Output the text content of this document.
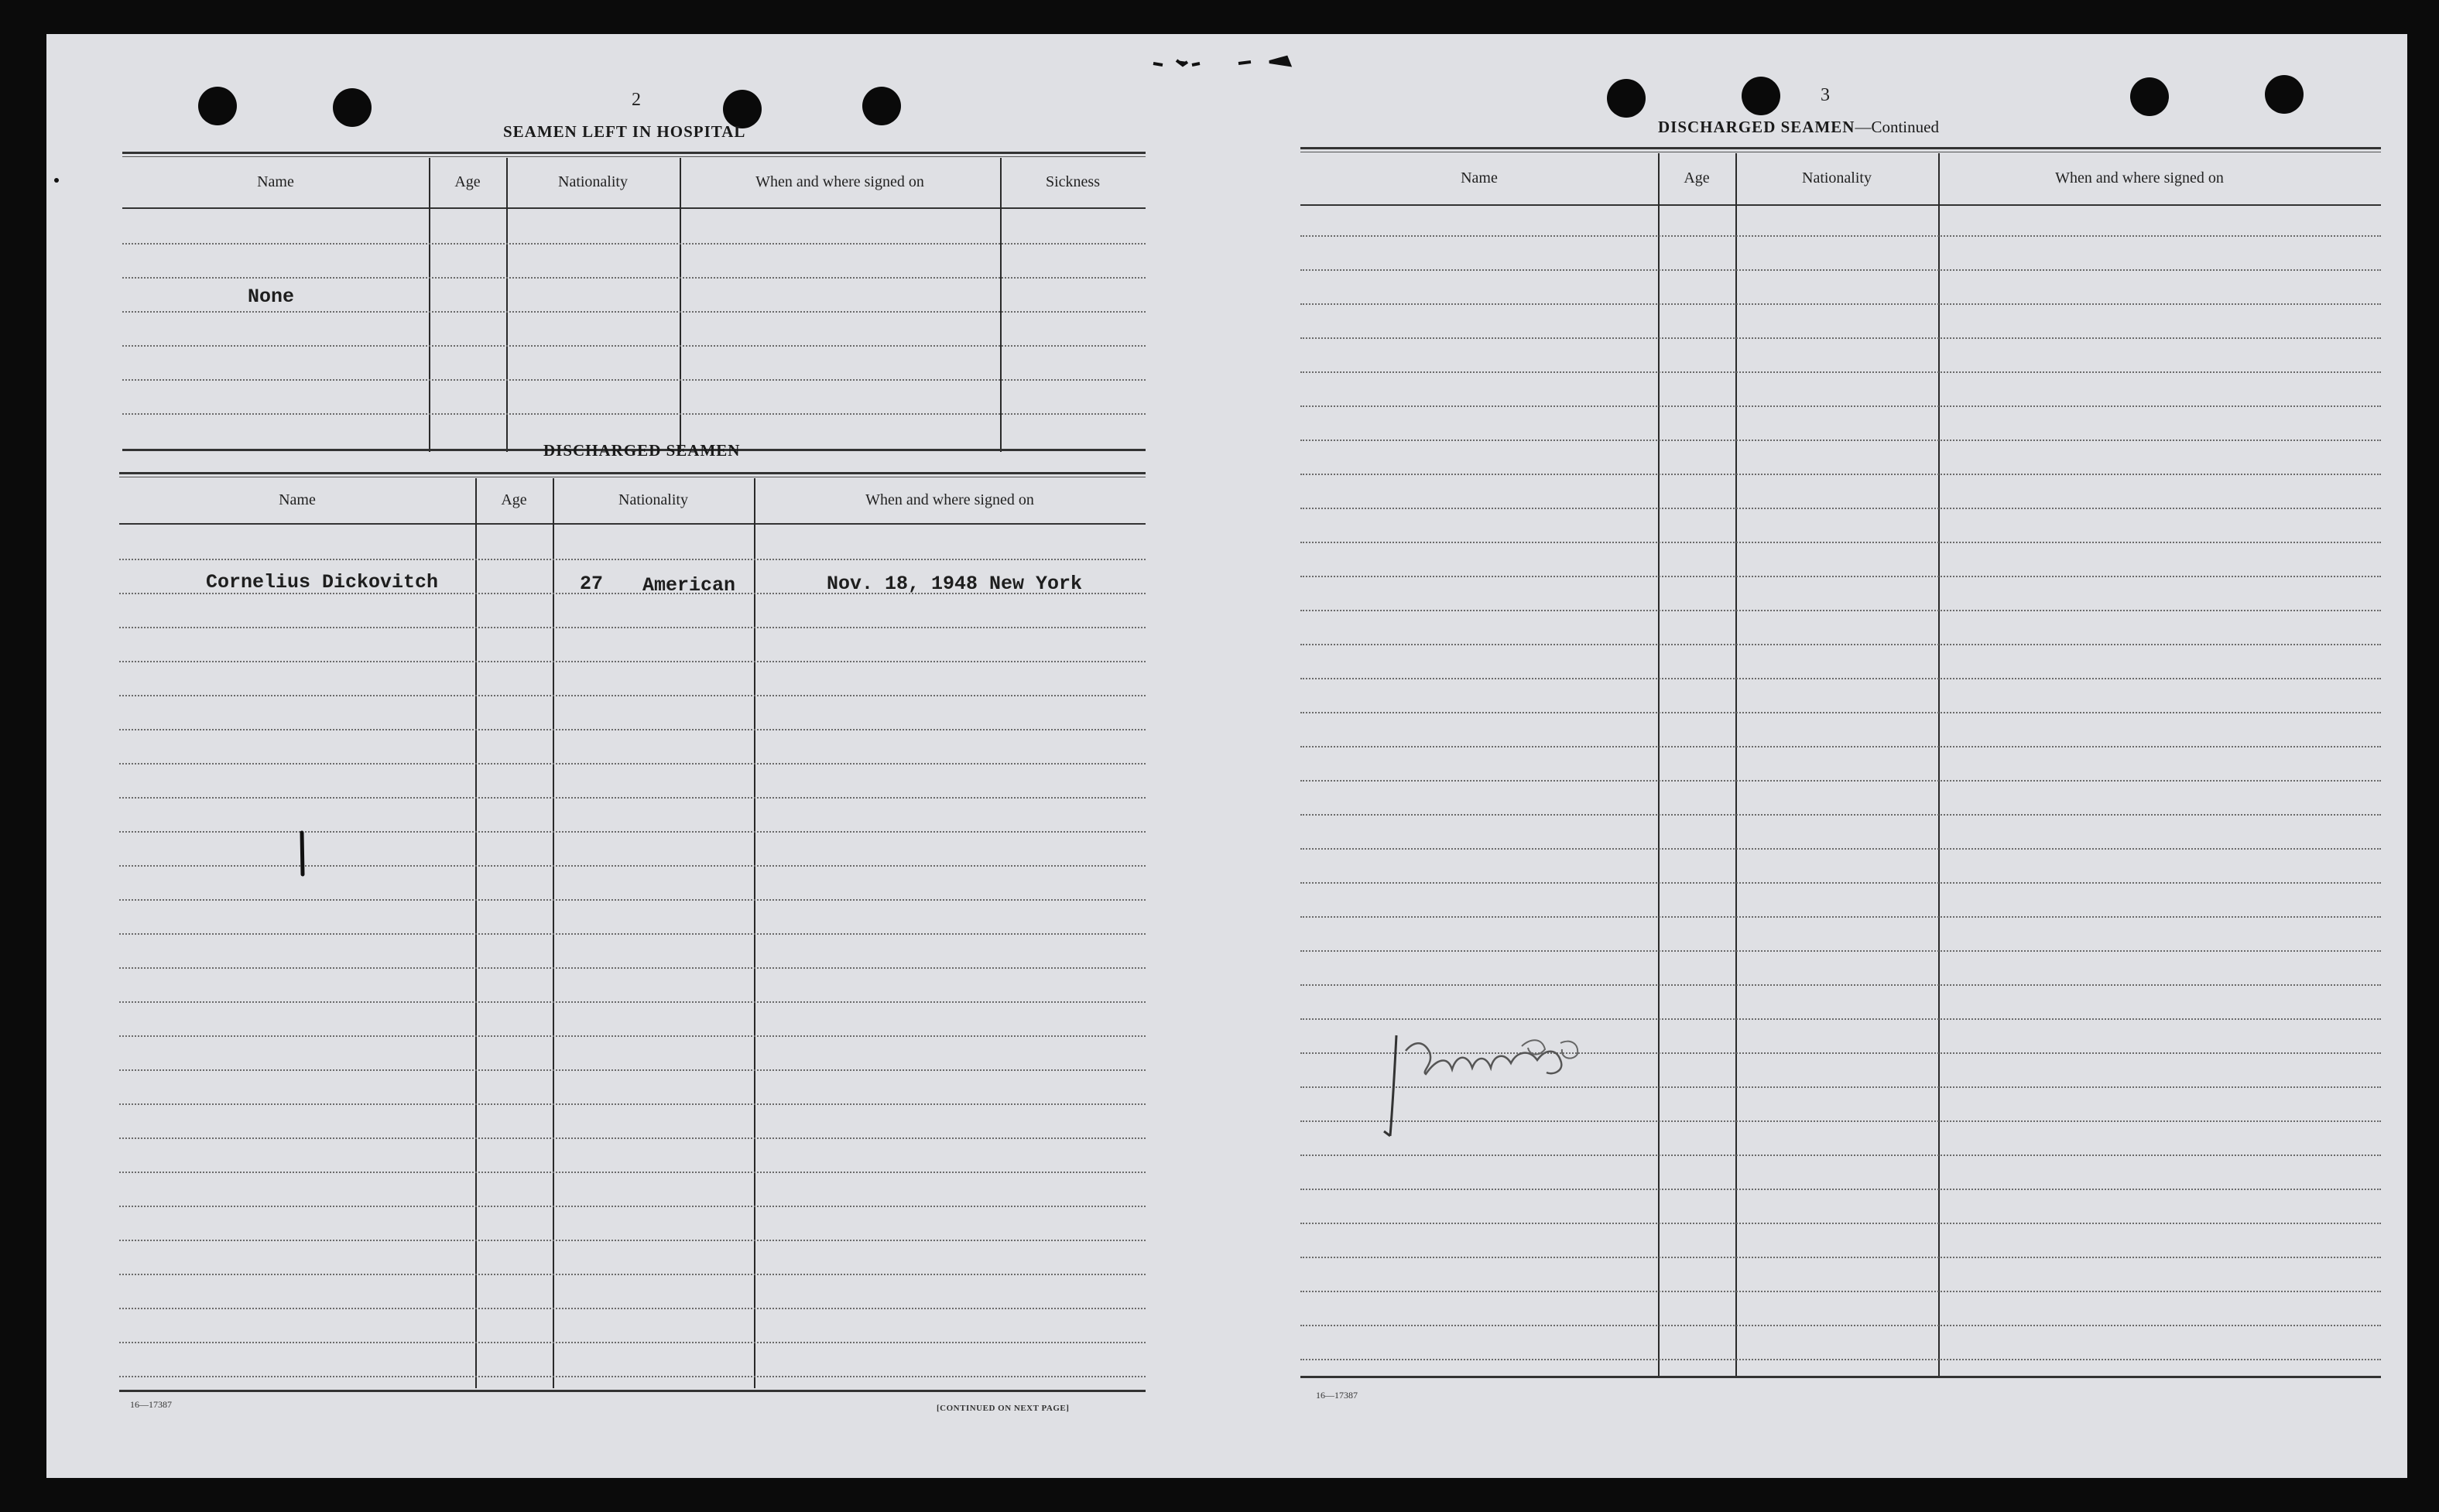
2
SEAMEN LEFT IN HOSPITAL
Name	Age	Nationality	When and where signed on	Sickness
None
DISCHARGED SEAMEN
Name	Age	Nationality	When and where signed on
Cornelius Dickovitch	27	American	Nov. 18, 1948 New York
16—17387	[CONTINUED ON NEXT PAGE]
3
DISCHARGED SEAMEN—Continued
Name	Age	Nationality	When and where signed on
16—17387
